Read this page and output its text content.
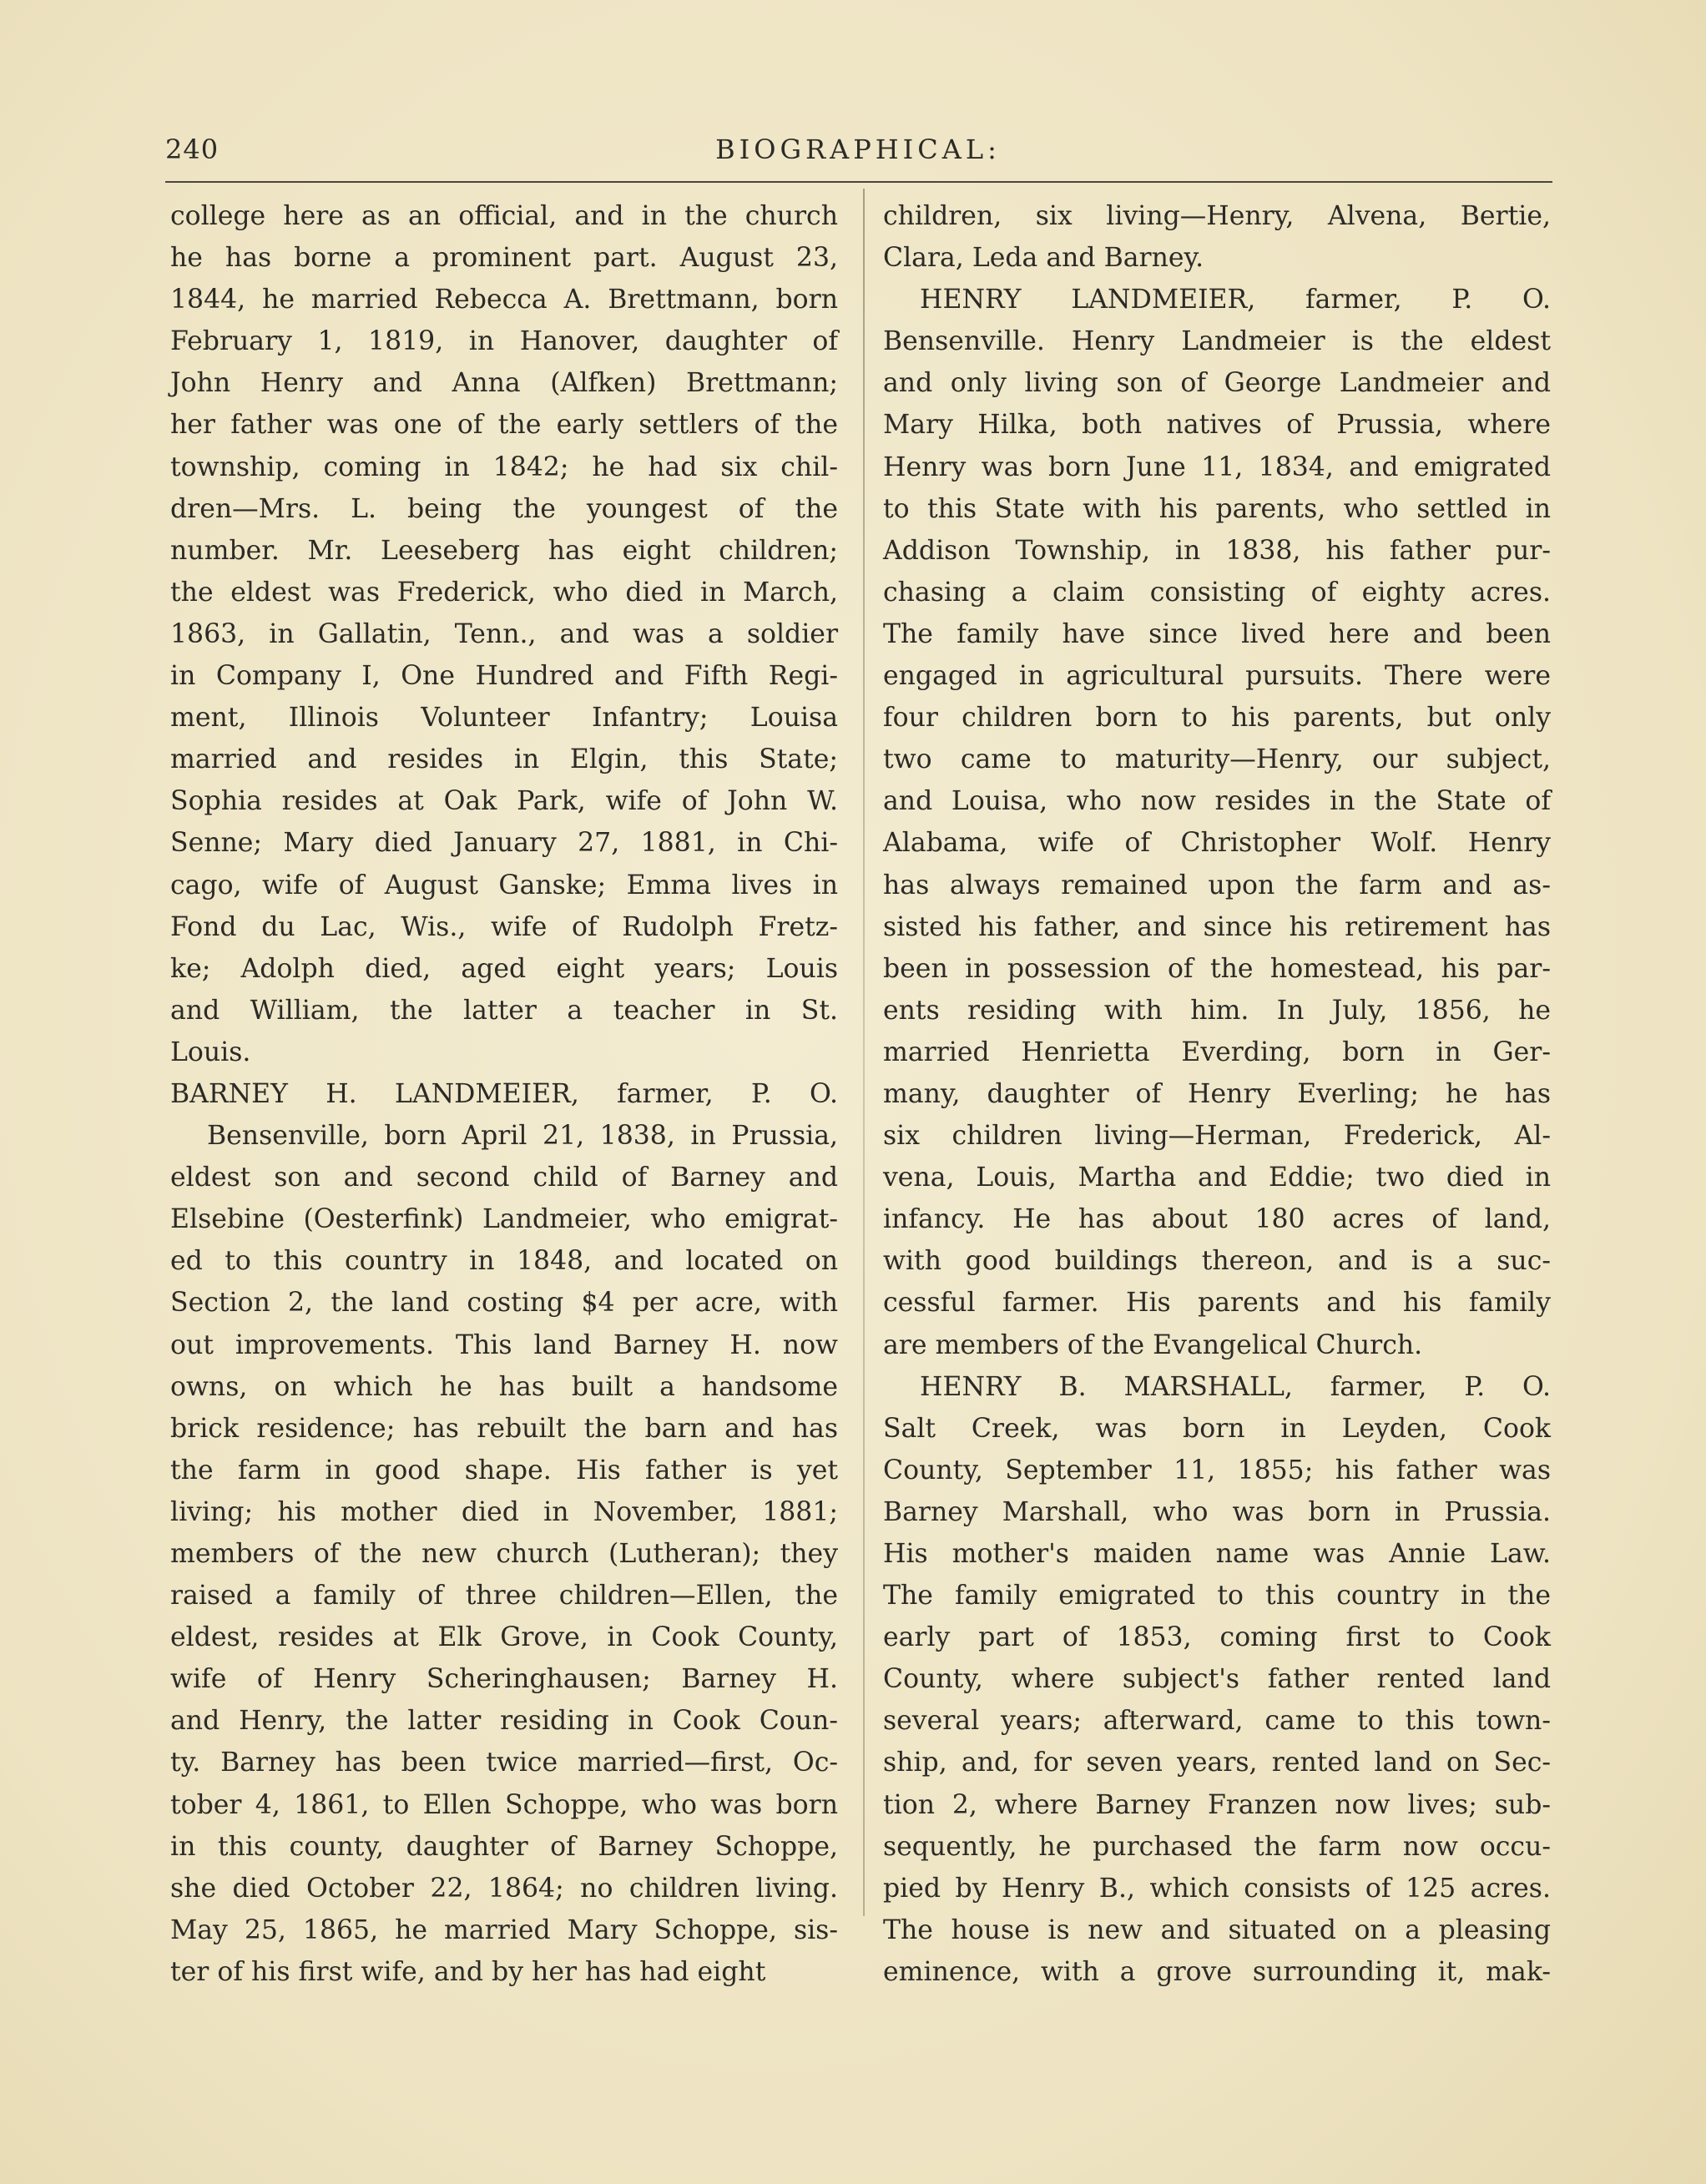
240	BIOGRAPHICAL:
college here as an official, and in the church
he has borne a prominent part. August 23,
1844, he married Rebecca A. Brettmann, born
February 1, 1819, in Hanover, daughter of
John Henry and Anna (Alfken) Brettmann;
her father was one of the early settlers of the
township, coming in 1842; he had six chil-
dren—Mrs. L. being the youngest of the
number. Mr. Leeseberg has eight children;
the eldest was Frederick, who died in March,
1863, in Gallatin, Tenn., and was a soldier
in Company I, One Hundred and Fifth Regi-
ment, Illinois Volunteer Infantry; Louisa
married and resides in Elgin, this State;
Sophia resides at Oak Park, wife of John W.
Senne; Mary died January 27, 1881, in Chi-
cago, wife of August Ganske; Emma lives in
Fond du Lac, Wis., wife of Rudolph Fretz-
ke; Adolph died, aged eight years; Louis
and William, the latter a teacher in St.
Louis.
BARNEY H. LANDMEIER, farmer, P. O.
Bensenville, born April 21, 1838, in Prussia,
eldest son and second child of Barney and
Elsebine (Oesterfink) Landmeier, who emigrat-
ed to this country in 1848, and located on
Section 2, the land costing $4 per acre, with
out improvements. This land Barney H. now
owns, on which he has built a handsome
brick residence; has rebuilt the barn and has
the farm in good shape. His father is yet
living; his mother died in November, 1881;
members of the new church (Lutheran); they
raised a family of three children—Ellen, the
eldest, resides at Elk Grove, in Cook County,
wife of Henry Scheringhausen; Barney H.
and Henry, the latter residing in Cook Coun-
ty. Barney has been twice married—first, Oc-
tober 4, 1861, to Ellen Schoppe, who was born
in this county, daughter of Barney Schoppe,
she died October 22, 1864; no children living.
May 25, 1865, he married Mary Schoppe, sis-
ter of his first wife, and by her has had eight
children, six living—Henry, Alvena, Bertie,
Clara, Leda and Barney.
HENRY LANDMEIER, farmer, P. O.
Bensenville. Henry Landmeier is the eldest
and only living son of George Landmeier and
Mary Hilka, both natives of Prussia, where
Henry was born June 11, 1834, and emigrated
to this State with his parents, who settled in
Addison Township, in 1838, his father pur-
chasing a claim consisting of eighty acres.
The family have since lived here and been
engaged in agricultural pursuits. There were
four children born to his parents, but only
two came to maturity—Henry, our subject,
and Louisa, who now resides in the State of
Alabama, wife of Christopher Wolf. Henry
has always remained upon the farm and as-
sisted his father, and since his retirement has
been in possession of the homestead, his par-
ents residing with him. In July, 1856, he
married Henrietta Everding, born in Ger-
many, daughter of Henry Everling; he has
six children living—Herman, Frederick, Al-
vena, Louis, Martha and Eddie; two died in
infancy. He has about 180 acres of land,
with good buildings thereon, and is a suc-
cessful farmer. His parents and his family
are members of the Evangelical Church.
HENRY B. MARSHALL, farmer, P. O.
Salt Creek, was born in Leyden, Cook
County, September 11, 1855; his father was
Barney Marshall, who was born in Prussia.
His mother's maiden name was Annie Law.
The family emigrated to this country in the
early part of 1853, coming first to Cook
County, where subject's father rented land
several years; afterward, came to this town-
ship, and, for seven years, rented land on Sec-
tion 2, where Barney Franzen now lives; sub-
sequently, he purchased the farm now occu-
pied by Henry B., which consists of 125 acres.
The house is new and situated on a pleasing
eminence, with a grove surrounding it, mak-
